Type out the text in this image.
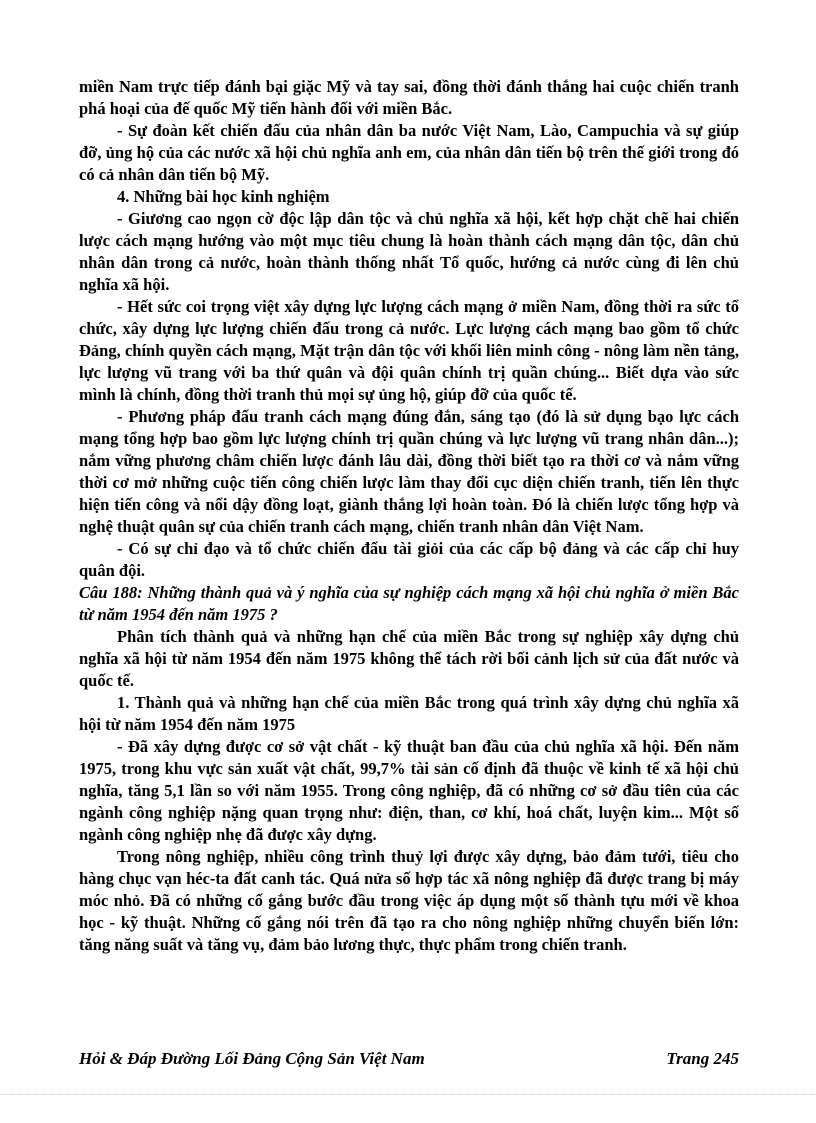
miền Nam trực tiếp đánh bại giặc Mỹ và tay sai, đồng thời đánh thắng hai cuộc chiến tranh phá hoại của đế quốc Mỹ tiến hành đối với miền Bắc.

- Sự đoàn kết chiến đấu của nhân dân ba nước Việt Nam, Lào, Campuchia và sự giúp đỡ, ủng hộ của các nước xã hội chủ nghĩa anh em, của nhân dân tiến bộ trên thế giới trong đó có cả nhân dân tiến bộ Mỹ.

4. Những bài học kinh nghiệm

- Giương cao ngọn cờ độc lập dân tộc và chủ nghĩa xã hội, kết hợp chặt chẽ hai chiến lược cách mạng hướng vào một mục tiêu chung là hoàn thành cách mạng dân tộc, dân chủ nhân dân trong cả nước, hoàn thành thống nhất Tổ quốc, hướng cả nước cùng đi lên chủ nghĩa xã hội.

- Hết sức coi trọng việt xây dựng lực lượng cách mạng ở miền Nam, đồng thời ra sức tổ chức, xây dựng lực lượng chiến đấu trong cả nước. Lực lượng cách mạng bao gồm tổ chức Đảng, chính quyền cách mạng, Mặt trận dân tộc với khối liên minh công - nông làm nền tảng, lực lượng vũ trang với ba thứ quân và đội quân chính trị quần chúng... Biết dựa vào sức mình là chính, đồng thời tranh thủ mọi sự ủng hộ, giúp đỡ của quốc tế.

- Phương pháp đấu tranh cách mạng đúng đắn, sáng tạo (đó là sử dụng bạo lực cách mạng tổng hợp bao gồm lực lượng chính trị quần chúng và lực lượng vũ trang nhân dân...); nắm vững phương châm chiến lược đánh lâu dài, đồng thời biết tạo ra thời cơ và nắm vững thời cơ mở những cuộc tiến công chiến lược làm thay đổi cục diện chiến tranh, tiến lên thực hiện tiến công và nổi dậy đồng loạt, giành thắng lợi hoàn toàn. Đó là chiến lược tổng hợp và nghệ thuật quân sự của chiến tranh cách mạng, chiến tranh nhân dân Việt Nam.

- Có sự chỉ đạo và tổ chức chiến đấu tài giỏi của các cấp bộ đảng và các cấp chỉ huy quân đội.

Câu 188: Những thành quả và ý nghĩa của sự nghiệp cách mạng xã hội chủ nghĩa ở miền Bắc từ năm 1954 đến năm 1975 ?

Phân tích thành quả và những hạn chế của miền Bắc trong sự nghiệp xây dựng chủ nghĩa xã hội từ năm 1954 đến năm 1975 không thể tách rời bối cảnh lịch sử của đất nước và quốc tế.

1. Thành quả và những hạn chế của miền Bắc trong quá trình xây dựng chủ nghĩa xã hội từ năm 1954 đến năm 1975

- Đã xây dựng được cơ sở vật chất - kỹ thuật ban đầu của chủ nghĩa xã hội. Đến năm 1975, trong khu vực sản xuất vật chất, 99,7% tài sản cố định đã thuộc về kinh tế xã hội chủ nghĩa, tăng 5,1 lần so với năm 1955. Trong công nghiệp, đã có những cơ sở đầu tiên của các ngành công nghiệp nặng quan trọng như: điện, than, cơ khí, hoá chất, luyện kim... Một số ngành công nghiệp nhẹ đã được xây dựng.

Trong nông nghiệp, nhiều công trình thuỷ lợi được xây dựng, bảo đảm tưới, tiêu cho hàng chục vạn héc-ta đất canh tác. Quá nửa số hợp tác xã nông nghiệp đã được trang bị máy móc nhỏ. Đã có những cố gắng bước đầu trong việc áp dụng một số thành tựu mới về khoa học - kỹ thuật. Những cố gắng nói trên đã tạo ra cho nông nghiệp những chuyển biến lớn: tăng năng suất và tăng vụ, đảm bảo lương thực, thực phẩm trong chiến tranh.

Hỏi & Đáp Đường Lối Đảng Cộng Sản Việt Nam	Trang 245
